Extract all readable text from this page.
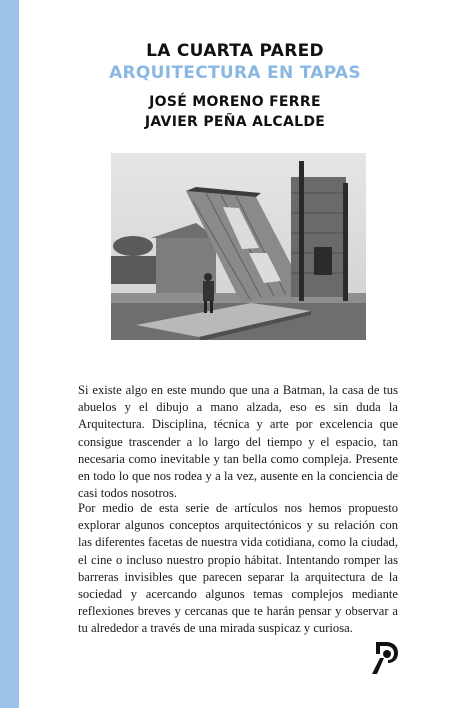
LA CUARTA PARED
ARQUITECTURA EN TAPAS
JOSÉ MORENO FERRE
JAVIER PEÑA ALCALDE
Si existe algo en este mundo que una a Batman, la casa de tus abuelos y el dibujo a mano alzada, eso es sin duda la Arquitectura. Disciplina, técnica y arte por excelencia que consigue trascender a lo largo del tiempo y el espacio, tan necesaria como inevitable y tan bella como compleja. Presente en todo lo que nos rodea y a la vez, ausente en la conciencia de casi todos nosotros.
Por medio de esta serie de artículos nos hemos propuesto explorar algunos conceptos arquitectónicos y su relación con las diferentes facetas de nuestra vida cotidiana, como la ciudad, el cine o incluso nuestro propio hábitat. Intentando romper las barreras invisibles que parecen separar la arquitectura de la sociedad y acercando algunos temas complejos mediante reflexiones breves y cercanas que te harán pensar y observar a tu alrededor a través de una mirada suspicaz y curiosa.
